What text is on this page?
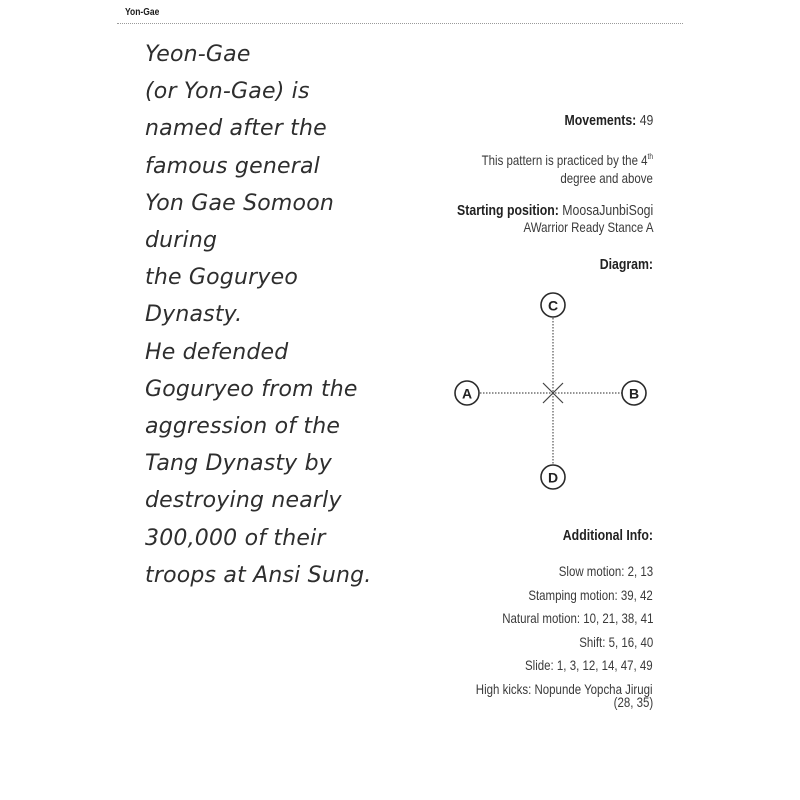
Yon-Gae
Yeon-Gae
(or Yon-Gae) is
named after the
famous general
Yon Gae Somoon
during
the Goguryeo
Dynasty.
He defended
Goguryeo from the
aggression of the
Tang Dynasty by
destroying nearly
300,000 of their
troops at Ansi Sung.
Movements: 49
This pattern is practiced by the 4th
degree and above
Starting position: MoosaJunbiSogi
AWarrior Ready Stance A
Diagram:
C
A	B
D
Additional Info:
Slow motion: 2, 13
Stamping motion: 39, 42
Natural motion: 10, 21, 38, 41
Shift: 5, 16, 40
Slide: 1, 3, 12, 14, 47, 49
High kicks: Nopunde Yopcha Jirugi
(28, 35)
